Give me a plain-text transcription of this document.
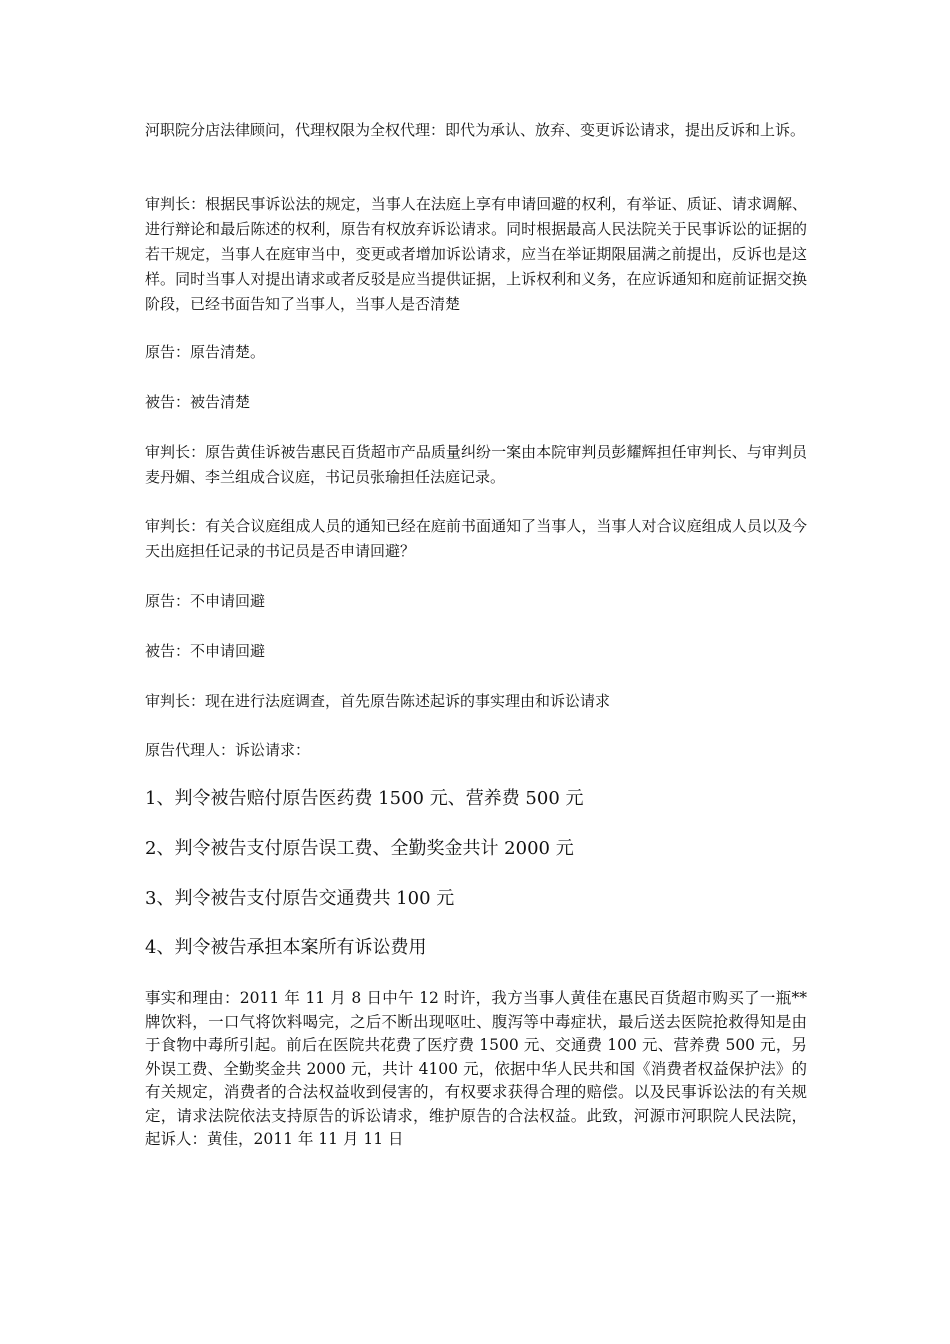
河职院分店法律顾问，代理权限为全权代理：即代为承认、放弃、变更诉讼请求，提出反诉和上诉。

审判长：根据民事诉讼法的规定，当事人在法庭上享有申请回避的权利，有举证、质证、请求调解、进行辩论和最后陈述的权利，原告有权放弃诉讼请求。同时根据最高人民法院关于民事诉讼的证据的若干规定，当事人在庭审当中，变更或者增加诉讼请求，应当在举证期限届满之前提出，反诉也是这样。同时当事人对提出请求或者反驳是应当提供证据，上诉权利和义务，在应诉通知和庭前证据交换阶段，已经书面告知了当事人，当事人是否清楚

原告：原告清楚。

被告：被告清楚

审判长：原告黄佳诉被告惠民百货超市产品质量纠纷一案由本院审判员彭耀辉担任审判长、与审判员麦丹媚、李兰组成合议庭，书记员张瑜担任法庭记录。

审判长：有关合议庭组成人员的通知已经在庭前书面通知了当事人，当事人对合议庭组成人员以及今天出庭担任记录的书记员是否申请回避？

原告：不申请回避

被告：不申请回避

审判长：现在进行法庭调查，首先原告陈述起诉的事实理由和诉讼请求

原告代理人：诉讼请求：

1、判令被告赔付原告医药费 1500 元、营养费 500 元

2、判令被告支付原告误工费、全勤奖金共计 2000 元

3、判令被告支付原告交通费共 100 元

4、判令被告承担本案所有诉讼费用

事实和理由：2011 年 11 月 8 日中午 12 时许，我方当事人黄佳在惠民百货超市购买了一瓶**牌饮料，一口气将饮料喝完，之后不断出现呕吐、腹泻等中毒症状，最后送去医院抢救得知是由于食物中毒所引起。前后在医院共花费了医疗费 1500 元、交通费 100 元、营养费 500 元，另外误工费、全勤奖金共 2000 元，共计 4100 元，依据中华人民共和国《消费者权益保护法》的有关规定，消费者的合法权益收到侵害的，有权要求获得合理的赔偿。以及民事诉讼法的有关规定，请求法院依法支持原告的诉讼请求，维护原告的合法权益。此致，河源市河职院人民法院，起诉人：黄佳，2011 年 11 月 11 日
